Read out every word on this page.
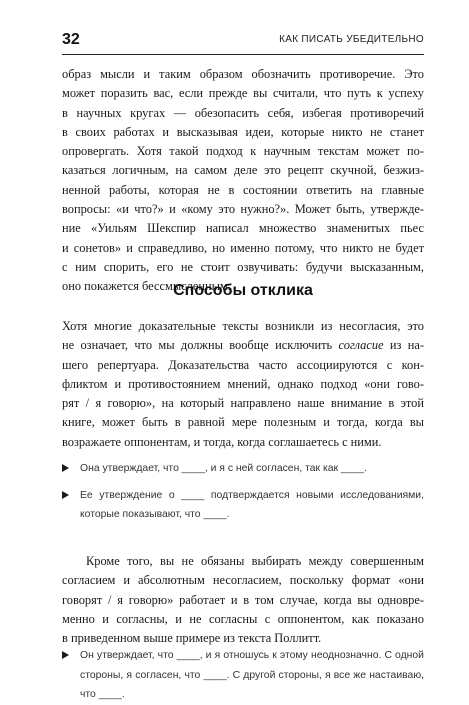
32	КАК ПИСАТЬ УБЕДИТЕЛЬНО

образ мысли и таким образом обозначить противоречие. Это
может поразить вас, если прежде вы считали, что путь к успеху
в научных кругах — обезопасить себя, избегая противоречий
в своих работах и высказывая идеи, которые никто не станет
опровергать. Хотя такой подход к научным текстам может по-
казаться логичным, на самом деле это рецепт скучной, безжиз-
ненной работы, которая не в состоянии ответить на главные
вопросы: «и что?» и «кому это нужно?». Может быть, утвержде-
ние «Уильям Шекспир написал множество знаменитых пьес
и сонетов» и справедливо, но именно потому, что никто не будет
с ним спорить, его не стоит озвучивать: будучи высказанным,
оно покажется бессмысленным.

Способы отклика

Хотя многие доказательные тексты возникли из несогласия, это
не означает, что мы должны вообще исключить согласие из на-
шего репертуара. Доказательства часто ассоциируются с кон-
фликтом и противостоянием мнений, однако подход «они гово-
рят / я говорю», на который направлено наше внимание в этой
книге, может быть в равной мере полезным и тогда, когда вы
возражаете оппонентам, и тогда, когда соглашаетесь с ними.

Она утверждает, что ____, и я с ней согласен, так как ____.
Ее утверждение о ____ подтверждается новыми исследованиями,
которые показывают, что ____.

Кроме того, вы не обязаны выбирать между совершенным
согласием и абсолютным несогласием, поскольку формат «они
говорят / я говорю» работает и в том случае, когда вы одновре-
менно и согласны, и не согласны с оппонентом, как показано
в приведенном выше примере из текста Поллитт.

Он утверждает, что ____, и я отношусь к этому неоднозначно. С одной
стороны, я согласен, что ____. С другой стороны, я все же настаиваю,
что ____.
